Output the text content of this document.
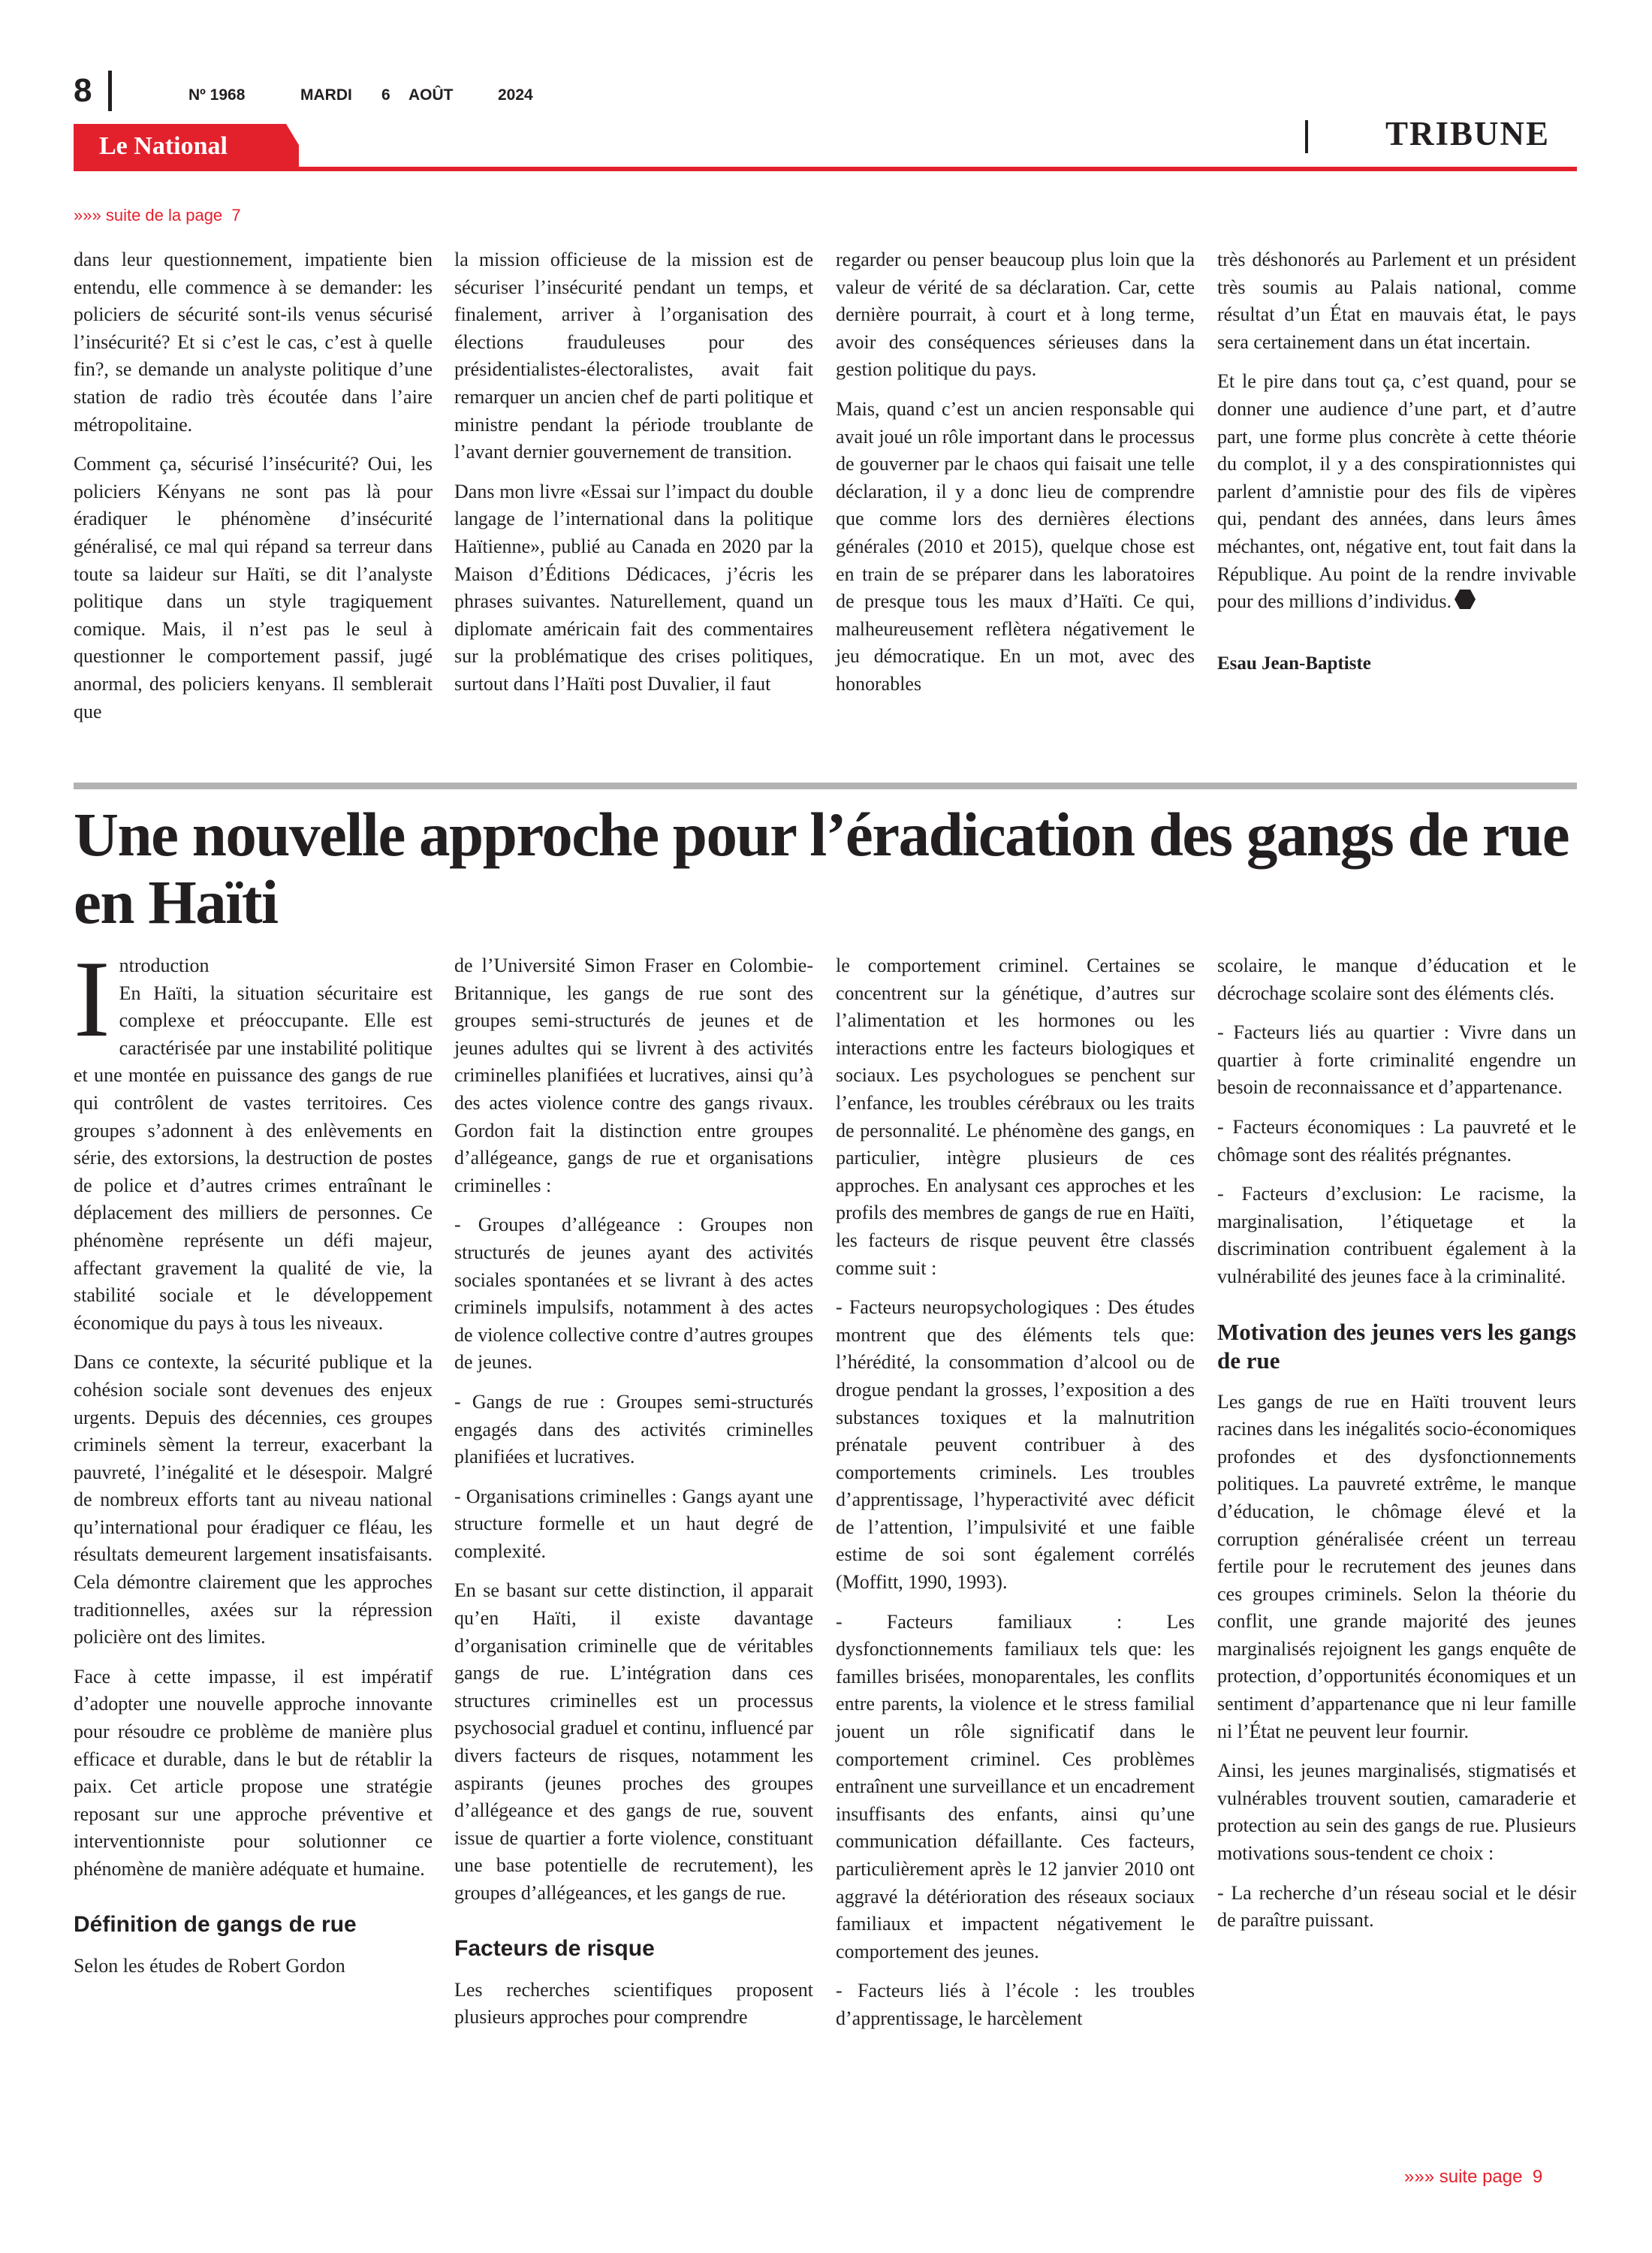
8	Nº 1968	MARDI 6 AOÛT	2024
Le National	TRIBUNE
»»» suite de la page 7

dans leur questionnement, impatiente bien entendu, elle commence à se demander: les policiers de sécurité sont-ils venus sécurisé l’insécurité? Et si c’est le cas, c’est à quelle fin?, se demande un analyste politique d’une station de radio très écoutée dans l’aire métropolitaine.

Comment ça, sécurisé l’insécurité? Oui, les policiers Kényans ne sont pas là pour éradiquer le phénomène d’insécurité généralisé, ce mal qui répand sa terreur dans toute sa laideur sur Haïti, se dit l’analyste politique dans un style tragiquement comique. Mais, il n’est pas le seul à questionner le comportement passif, jugé anormal, des policiers kenyans. Il semblerait que

la mission officieuse de la mission est de sécuriser l’insécurité pendant un temps, et finalement, arriver à l’organisation des élections frauduleuses pour des présidentialistes-électoralistes, avait fait remarquer un ancien chef de parti politique et ministre pendant la période troublante de l’avant dernier gouvernement de transition.

Dans mon livre «Essai sur l’impact du double langage de l’international dans la politique Haïtienne», publié au Canada en 2020 par la Maison d’Éditions Dédicaces, j’écris les phrases suivantes. Naturellement, quand un diplomate américain fait des commentaires sur la problématique des crises politiques, surtout dans l’Haïti post Duvalier, il faut

regarder ou penser beaucoup plus loin que la valeur de vérité de sa déclaration. Car, cette dernière pourrait, à court et à long terme, avoir des conséquences sérieuses dans la gestion politique du pays.

Mais, quand c’est un ancien responsable qui avait joué un rôle important dans le processus de gouverner par le chaos qui faisait une telle déclaration, il y a donc lieu de comprendre que comme lors des dernières élections générales (2010 et 2015), quelque chose est en train de se préparer dans les laboratoires de presque tous les maux d’Haïti. Ce qui, malheureusement reflètera négativement le jeu démocratique. En un mot, avec des honorables

très déshonorés au Parlement et un président très soumis au Palais national, comme résultat d’un État en mauvais état, le pays sera certainement dans un état incertain.

Et le pire dans tout ça, c’est quand, pour se donner une audience d’une part, et d’autre part, une forme plus concrète à cette théorie du complot, il y a des conspirationnistes qui parlent d’amnistie pour des fils de vipères qui, pendant des années, dans leurs âmes méchantes, ont, négative ent, tout fait dans la République. Au point de la rendre invivable pour des millions d’individus.

Esau Jean-Baptiste
Une nouvelle approche pour l’éradication des gangs de rue en Haïti

I ntroduction
En Haïti, la situation sécuritaire est complexe et préoccupante. Elle est caractérisée par une instabilité politique et une montée en puissance des gangs de rue qui contrôlent de vastes territoires. Ces groupes s’adonnent à des enlèvements en série, des extorsions, la destruction de postes de police et d’autres crimes entraînant le déplacement des milliers de personnes. Ce phénomène représente un défi majeur, affectant gravement la qualité de vie, la stabilité sociale et le développement économique du pays à tous les niveaux.

Dans ce contexte, la sécurité publique et la cohésion sociale sont devenues des enjeux urgents. Depuis des décennies, ces groupes criminels sèment la terreur, exacerbant la pauvreté, l’inégalité et le désespoir. Malgré de nombreux efforts tant au niveau national qu’international pour éradiquer ce fléau, les résultats demeurent largement insatisfaisants. Cela démontre clairement que les approches traditionnelles, axées sur la répression policière ont des limites.

Face à cette impasse, il est impératif d’adopter une nouvelle approche innovante pour résoudre ce problème de manière plus efficace et durable, dans le but de rétablir la paix. Cet article propose une stratégie reposant sur une approche préventive et interventionniste pour solutionner ce phénomène de manière adéquate et humaine.

Définition de gangs de rue

Selon les études de Robert Gordon

de l’Université Simon Fraser en Colombie-Britannique, les gangs de rue sont des groupes semi-structurés de jeunes et de jeunes adultes qui se livrent à des activités criminelles planifiées et lucratives, ainsi qu’à des actes violence contre des gangs rivaux. Gordon fait la distinction entre groupes d’allégeance, gangs de rue et organisations criminelles :

- Groupes d’allégeance : Groupes non structurés de jeunes ayant des activités sociales spontanées et se livrant à des actes criminels impulsifs, notamment à des actes de violence collective contre d’autres groupes de jeunes.

- Gangs de rue : Groupes semi-structurés engagés dans des activités criminelles planifiées et lucratives.

- Organisations criminelles : Gangs ayant une structure formelle et un haut degré de complexité.

En se basant sur cette distinction, il apparait qu’en Haïti, il existe davantage d’organisation criminelle que de véritables gangs de rue. L’intégration dans ces structures criminelles est un processus psychosocial graduel et continu, influencé par divers facteurs de risques, notamment les aspirants (jeunes proches des groupes d’allégeance et des gangs de rue, souvent issue de quartier a forte violence, constituant une base potentielle de recrutement), les groupes d’allégeances, et les gangs de rue.

Facteurs de risque

Les recherches scientifiques proposent plusieurs approches pour comprendre

le comportement criminel. Certaines se concentrent sur la génétique, d’autres sur l’alimentation et les hormones ou les interactions entre les facteurs biologiques et sociaux. Les psychologues se penchent sur l’enfance, les troubles cérébraux ou les traits de personnalité. Le phénomène des gangs, en particulier, intègre plusieurs de ces approches. En analysant ces approches et les profils des membres de gangs de rue en Haïti, les facteurs de risque peuvent être classés comme suit :

- Facteurs neuropsychologiques : Des études montrent que des éléments tels que: l’hérédité, la consommation d’alcool ou de drogue pendant la grosses, l’exposition a des substances toxiques et la malnutrition prénatale peuvent contribuer à des comportements criminels. Les troubles d’apprentissage, l’hyperactivité avec déficit de l’attention, l’impulsivité et une faible estime de soi sont également corrélés (Moffitt, 1990, 1993).

- Facteurs familiaux : Les dysfonctionnements familiaux tels que: les familles brisées, monoparentales, les conflits entre parents, la violence et le stress familial jouent un rôle significatif dans le comportement criminel. Ces problèmes entraînent une surveillance et un encadrement insuffisants des enfants, ainsi qu’une communication défaillante. Ces facteurs, particulièrement après le 12 janvier 2010 ont aggravé la détérioration des réseaux sociaux familiaux et impactent négativement le comportement des jeunes.

- Facteurs liés à l’école : les troubles d’apprentissage, le harcèlement

scolaire, le manque d’éducation et le décrochage scolaire sont des éléments clés.

- Facteurs liés au quartier : Vivre dans un quartier à forte criminalité engendre un besoin de reconnaissance et d’appartenance.

- Facteurs économiques : La pauvreté et le chômage sont des réalités prégnantes.

- Facteurs d’exclusion: Le racisme, la marginalisation, l’étiquetage et la discrimination contribuent également à la vulnérabilité des jeunes face à la criminalité.

Motivation des jeunes vers les gangs de rue

Les gangs de rue en Haïti trouvent leurs racines dans les inégalités socio-économiques profondes et des dysfonctionnements politiques. La pauvreté extrême, le manque d’éducation, le chômage élevé et la corruption généralisée créent un terreau fertile pour le recrutement des jeunes dans ces groupes criminels. Selon la théorie du conflit, une grande majorité des jeunes marginalisés rejoignent les gangs enquête de protection, d’opportunités économiques et un sentiment d’appartenance que ni leur famille ni l’État ne peuvent leur fournir.

Ainsi, les jeunes marginalisés, stigmatisés et vulnérables trouvent soutien, camaraderie et protection au sein des gangs de rue. Plusieurs motivations sous-tendent ce choix :

- La recherche d’un réseau social et le désir de paraître puissant.

»»» suite page 9
